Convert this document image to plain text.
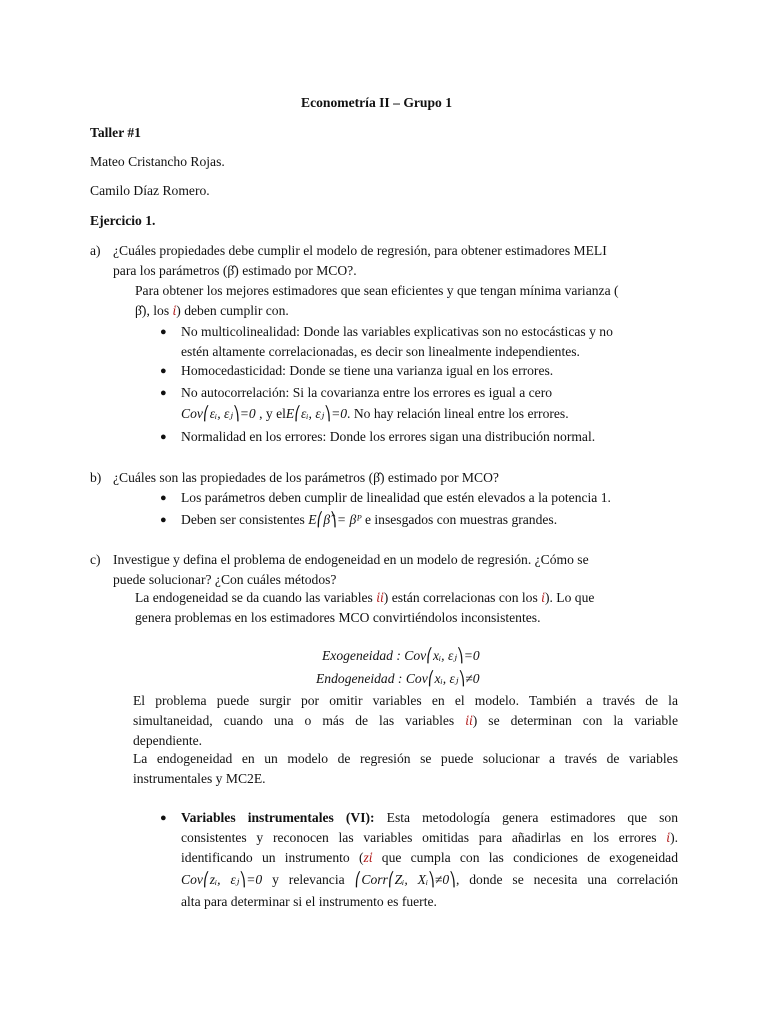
Econometría II – Grupo 1
Taller #1
Mateo Cristancho Rojas.
Camilo Díaz Romero.
Ejercicio 1.
a) ¿Cuáles propiedades debe cumplir el modelo de regresión, para obtener estimadores MELI
para los parámetros (β̂) estimado por MCO?.
Para obtener los mejores estimadores que sean eficientes y que tengan mínima varianza (
β̂), los ἱ) deben cumplir con.
● No multicolinealidad: Donde las variables explicativas son no estocásticas y no
estén altamente correlacionadas, es decir son linealmente independientes.
● Homocedasticidad: Donde se tiene una varianza igual en los errores.
● No autocorrelación: Si la covarianza entre los errores es igual a cero
Cov⎛εᵢ, εⱼ⎞=0 , y elE⎛εᵢ, εⱼ⎞=0. No hay relación lineal entre los errores.
● Normalidad en los errores: Donde los errores sigan una distribución normal.
b) ¿Cuáles son las propiedades de los parámetros (β̂) estimado por MCO?
● Los parámetros deben cumplir de linealidad que estén elevados a la potencia 1.
● Deben ser consistentes E⎛β̂⎞= βᴾ e insesgados con muestras grandes.
c) Investigue y defina el problema de endogeneidad en un modelo de regresión. ¿Cómo se
puede solucionar? ¿Con cuáles métodos?
La endogeneidad se da cuando las variables ἱἱ) están correlacionas con los ἱ). Lo que
genera problemas en los estimadores MCO convirtiéndolos inconsistentes.
Exogeneidad : Cov⎛xᵢ, εⱼ⎞=0
Endogeneidad : Cov⎛xᵢ, εⱼ⎞≠0
El problema puede surgir por omitir variables en el modelo. También a través de la
simultaneidad, cuando una o más de las variables ἱἱ) se determinan con la variable
dependiente.
La endogeneidad en un modelo de regresión se puede solucionar a través de variables
instrumentales y MC2E.
● Variables instrumentales (VI): Esta metodología genera estimadores que son
consistentes y reconocen las variables omitidas para añadirlas en los errores ἱ).
identificando un instrumento (zἱ que cumpla con las condiciones de exogeneidad
Cov⎛zᵢ, εⱼ⎞=0 y relevancia ⎛Corr⎛Zᵢ, Xᵢ⎞≠0⎞, donde se necesita una correlación
alta para determinar si el instrumento es fuerte.
